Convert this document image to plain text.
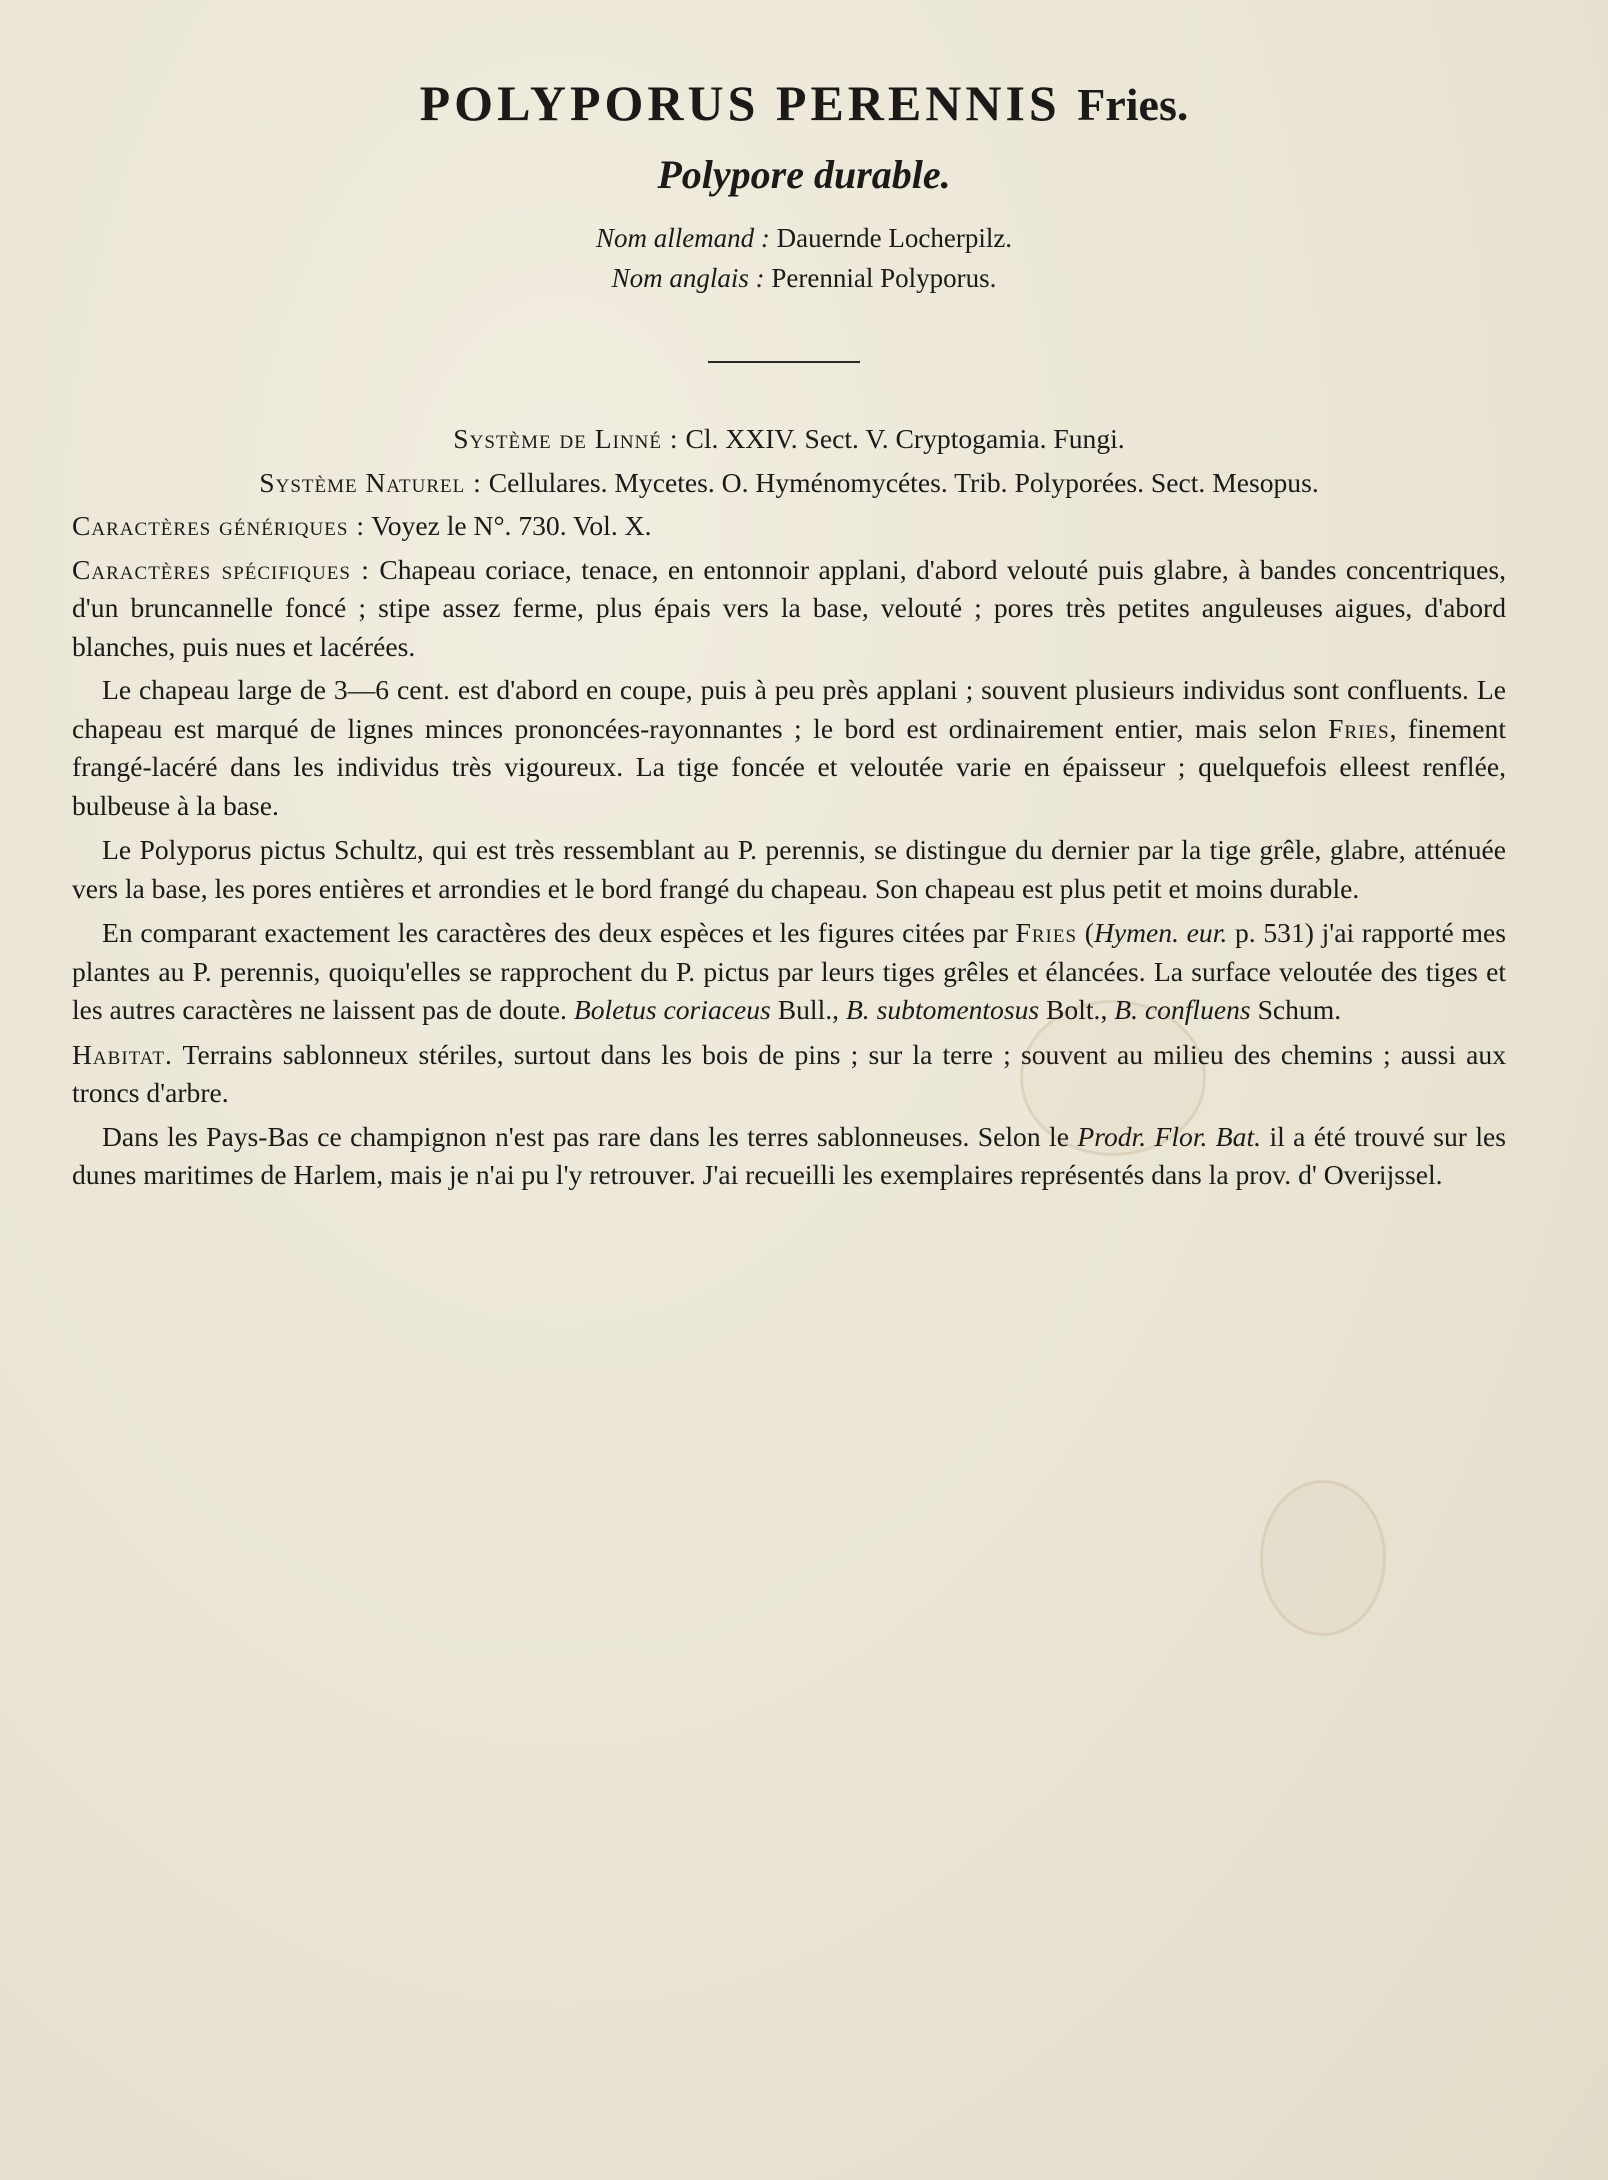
POLYPORUS PERENNIS Fries.
Polypore durable.
Nom allemand : Dauernde Locherpilz.
Nom anglais : Perennial Polyporus.

Système de Linné : Cl. XXIV. Sect. V. Cryptogamia. Fungi.

Système Naturel : Cellulares. Mycetes. O. Hyménomycétes. Trib. Polyporées. Sect. Mesopus.

Caractères génériques : Voyez le N°. 730. Vol. X.

Caractères spécifiques : Chapeau coriace, tenace, en entonnoir applani, d'abord velouté puis glabre, à bandes concentriques, d'un bruncannelle foncé ; stipe assez ferme, plus épais vers la base, velouté ; pores très petites anguleuses aigues, d'abord blanches, puis nues et lacérées.

Le chapeau large de 3—6 cent. est d'abord en coupe, puis à peu près applani ; souvent plusieurs individus sont confluents. Le chapeau est marqué de lignes minces prononcées-rayonnantes ; le bord est ordinairement entier, mais selon Fries, finement frangé-lacéré dans les individus très vigoureux. La tige foncée et veloutée varie en épaisseur ; quelquefois elleest renflée, bulbeuse à la base.

Le Polyporus pictus Schultz, qui est très ressemblant au P. perennis, se distingue du dernier par la tige grêle, glabre, atténuée vers la base, les pores entières et arrondies et le bord frangé du chapeau. Son chapeau est plus petit et moins durable.

En comparant exactement les caractères des deux espèces et les figures citées par Fries (Hymen. eur. p. 531) j'ai rapporté mes plantes au P. perennis, quoiqu'elles se rapprochent du P. pictus par leurs tiges grêles et élancées. La surface veloutée des tiges et les autres caractères ne laissent pas de doute. Boletus coriaceus Bull., B. subtomentosus Bolt., B. confluens Schum.

Habitat. Terrains sablonneux stériles, surtout dans les bois de pins ; sur la terre ; souvent au milieu des chemins ; aussi aux troncs d'arbre.

Dans les Pays-Bas ce champignon n'est pas rare dans les terres sablonneuses. Selon le Prodr. Flor. Bat. il a été trouvé sur les dunes maritimes de Harlem, mais je n'ai pu l'y retrouver. J'ai recueilli les exemplaires représentés dans la prov. d' Overijssel.
